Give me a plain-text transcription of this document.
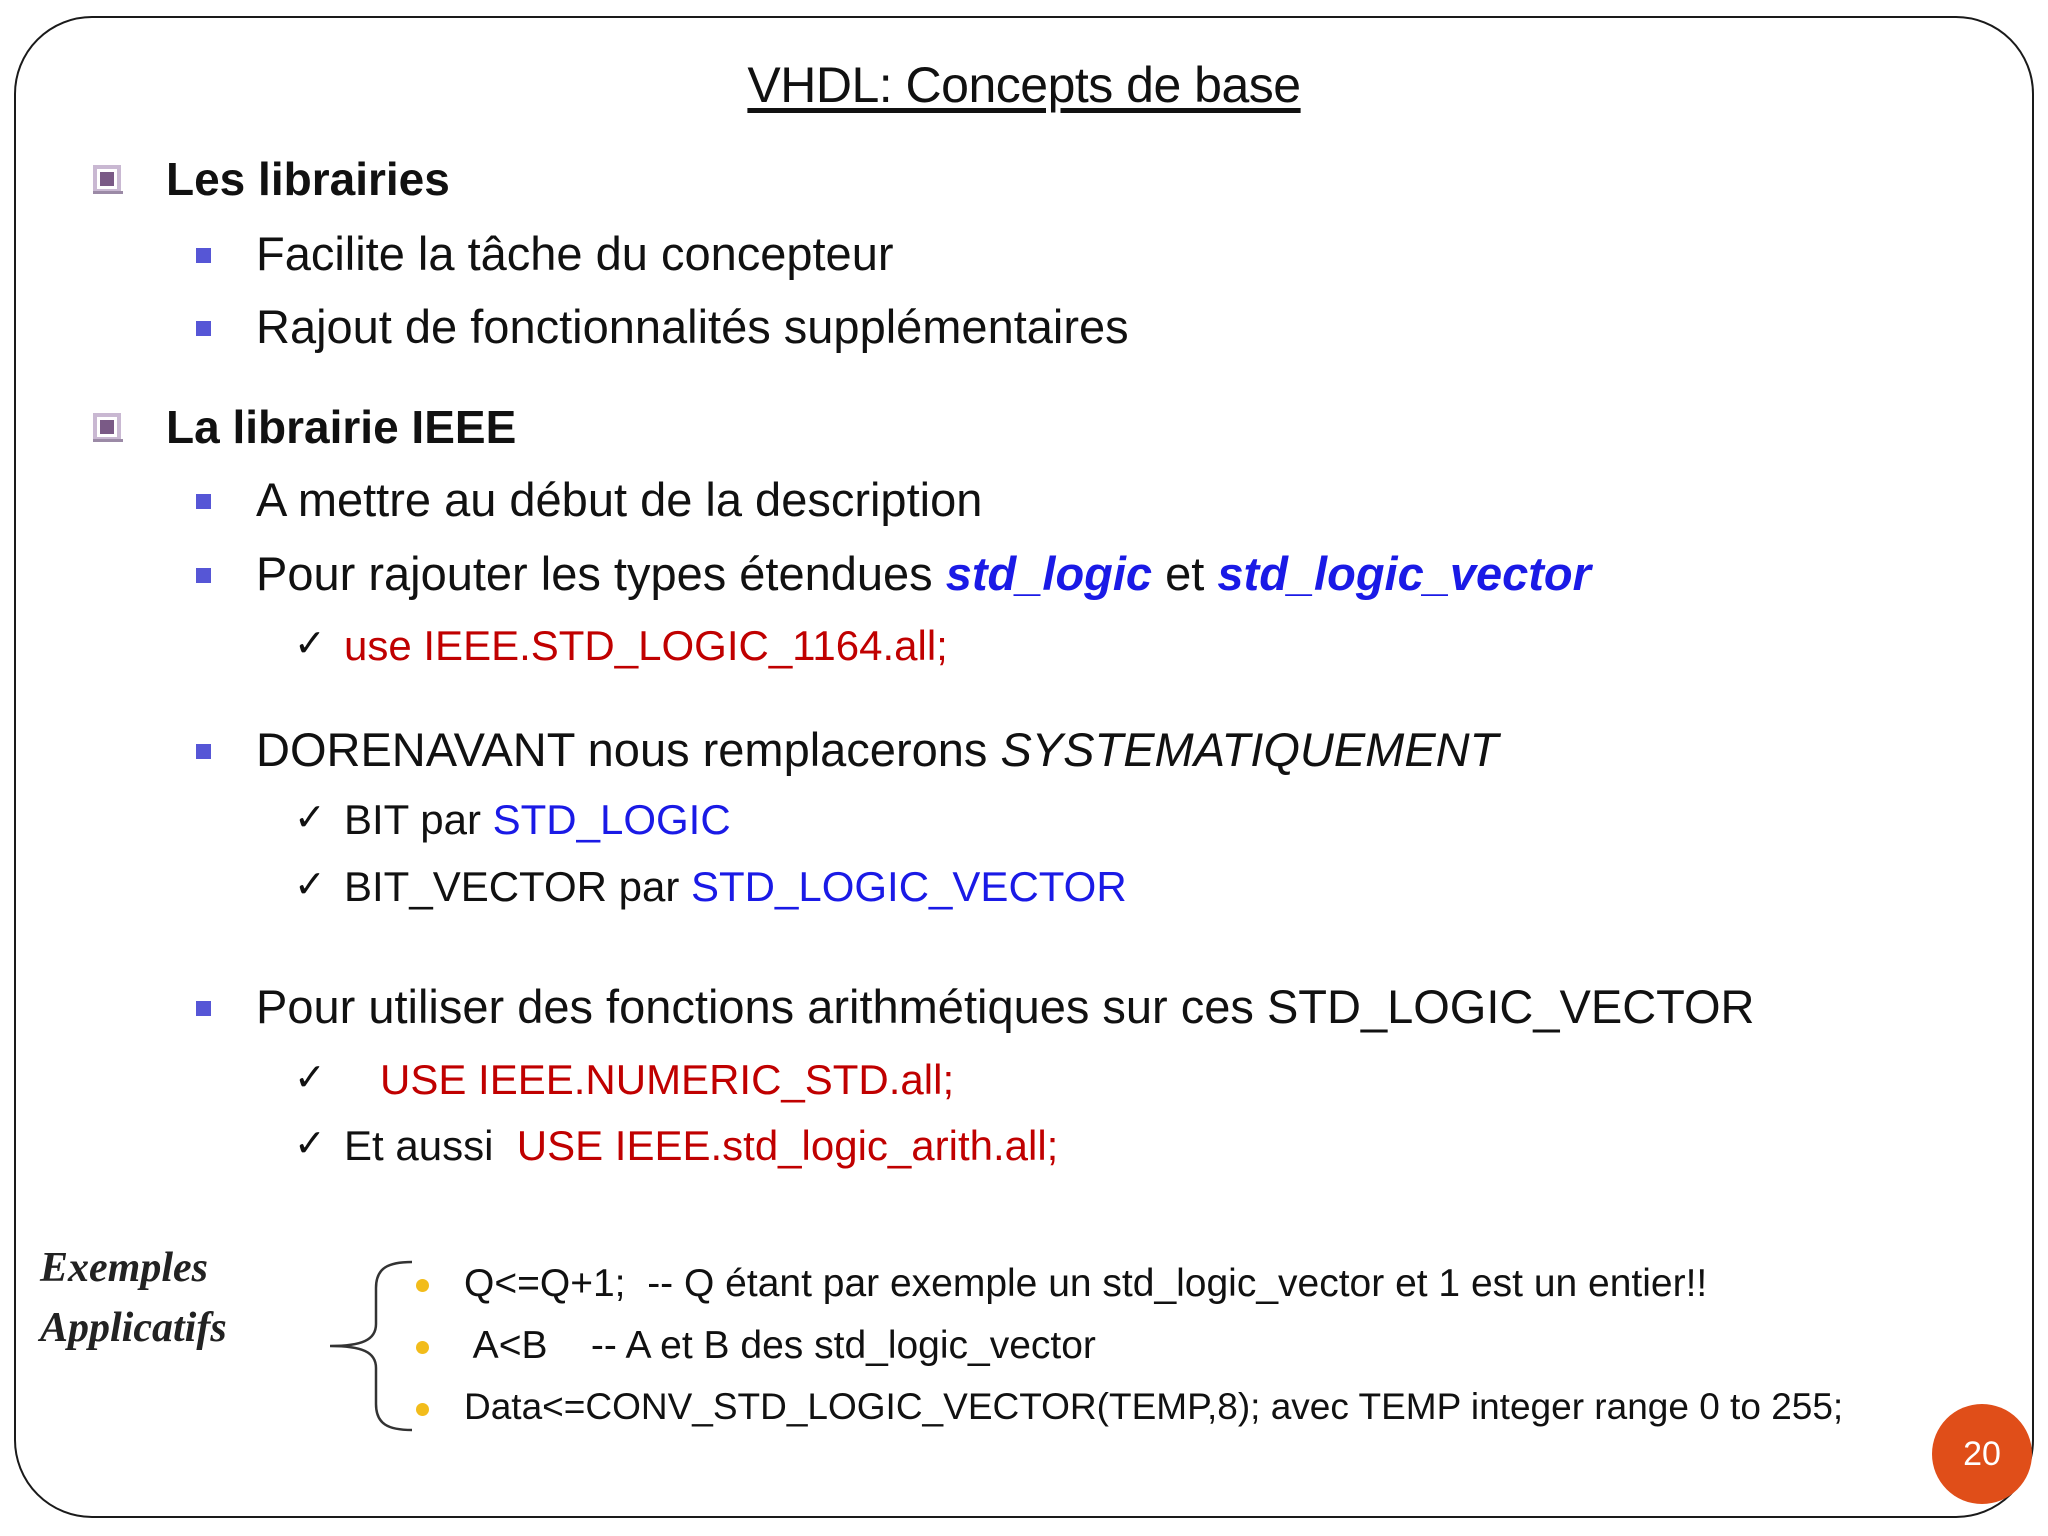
VHDL: Concepts de base
Les librairies
Facilite la tâche du concepteur
Rajout de fonctionnalités supplémentaires
La librairie IEEE
A mettre au début de la description
Pour rajouter les types étendues std_logic et std_logic_vector
✓ use IEEE.STD_LOGIC_1164.all;
DORENAVANT nous remplacerons SYSTEMATIQUEMENT
✓ BIT par STD_LOGIC
✓ BIT_VECTOR par STD_LOGIC_VECTOR
Pour utiliser des fonctions arithmétiques sur ces STD_LOGIC_VECTOR
✓ USE IEEE.NUMERIC_STD.all;
✓ Et aussi  USE IEEE.std_logic_arith.all;
Exemples
Applicatifs
Q<=Q+1;  -- Q étant par exemple un std_logic_vector et 1 est un entier!!
A<B    -- A et B des std_logic_vector
Data<=CONV_STD_LOGIC_VECTOR(TEMP,8); avec TEMP integer range 0 to 255;
20
